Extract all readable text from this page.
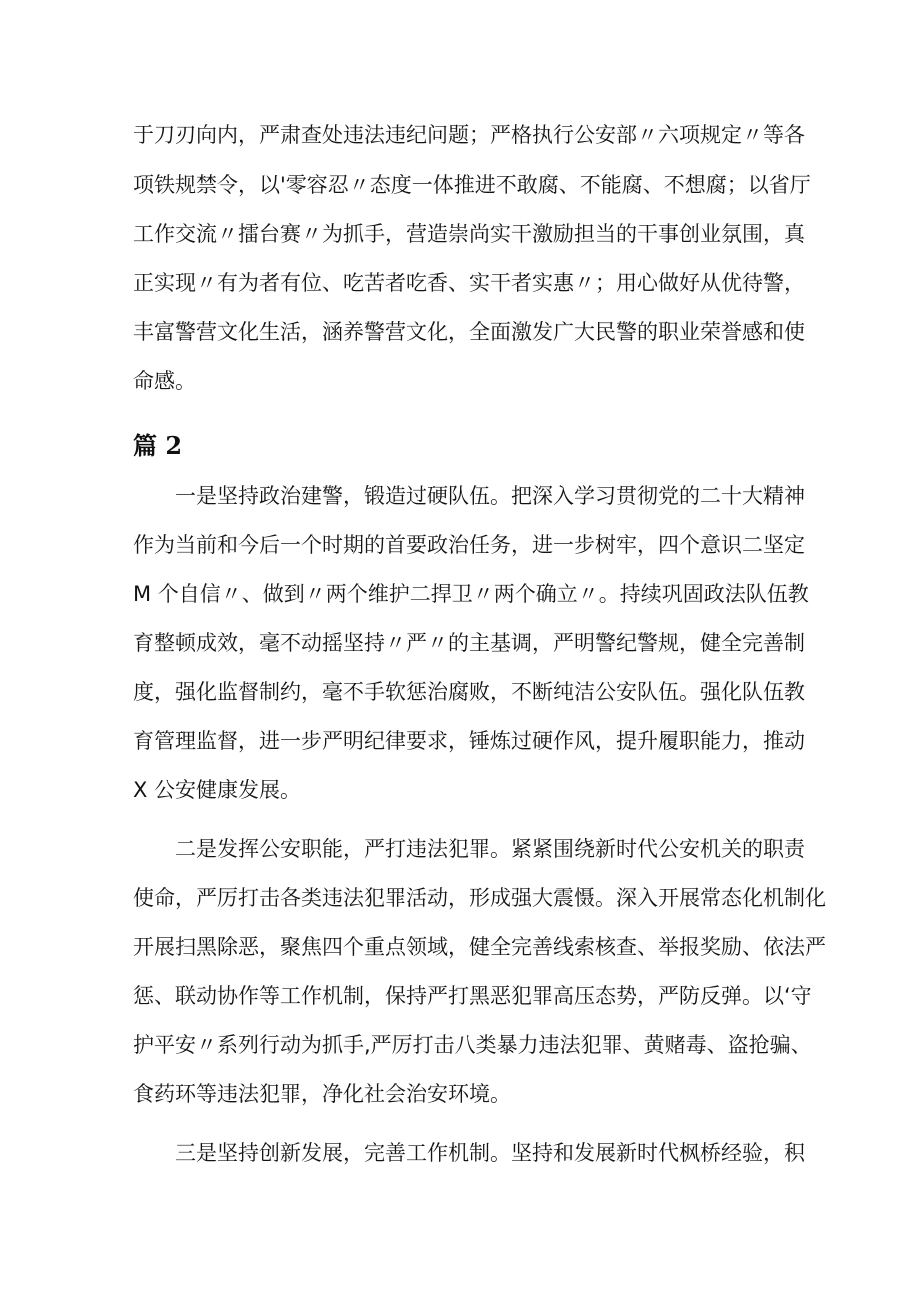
于刀刃向内，严肃查处违法违纪问题；严格执行公安部〃六项规定〃等各
项铁规禁令，以'零容忍〃态度一体推进不敢腐、不能腐、不想腐；以省厅
工作交流〃擂台赛〃为抓手，营造崇尚实干激励担当的干事创业氛围，真
正实现〃有为者有位、吃苦者吃香、实干者实惠〃；用心做好从优待警，
丰富警营文化生活，涵养警营文化，全面激发广大民警的职业荣誉感和使
命感。
篇 2
一是坚持政治建警，锻造过硬队伍。把深入学习贯彻党的二十大精神
作为当前和今后一个时期的首要政治任务，进一步树牢，四个意识二坚定
M 个自信〃、做到〃两个维护二捍卫〃两个确立〃。持续巩固政法队伍教
育整顿成效，毫不动摇坚持〃严〃的主基调，严明警纪警规，健全完善制
度，强化监督制约，毫不手软惩治腐败，不断纯洁公安队伍。强化队伍教
育管理监督，进一步严明纪律要求，锤炼过硬作风，提升履职能力，推动
X 公安健康发展。
二是发挥公安职能，严打违法犯罪。紧紧围绕新时代公安机关的职责
使命，严厉打击各类违法犯罪活动，形成强大震慑。深入开展常态化机制化
开展扫黑除恶，聚焦四个重点领域，健全完善线索核查、举报奖励、依法严
惩、联动协作等工作机制，保持严打黑恶犯罪高压态势，严防反弹。以‘守
护平安〃系列行动为抓手,严厉打击八类暴力违法犯罪、黄赌毒、盗抢骗、
食药环等违法犯罪，净化社会治安环境。
三是坚持创新发展，完善工作机制。坚持和发展新时代枫桥经验，积
